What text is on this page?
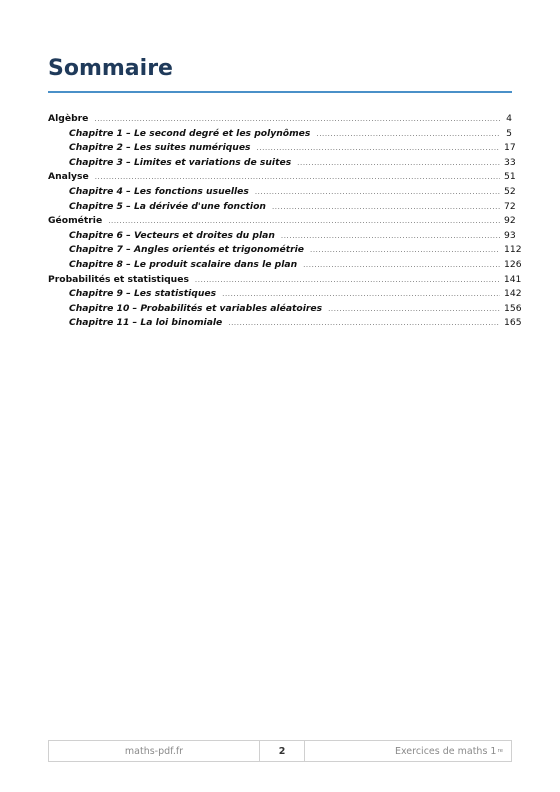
Sommaire
Algèbre .....	4
Chapitre 1 – Le second degré et les polynômes .....	5
Chapitre 2 – Les suites numériques .....	17
Chapitre 3 – Limites et variations de suites .....	33
Analyse .....	51
Chapitre 4 – Les fonctions usuelles .....	52
Chapitre 5 – La dérivée d'une fonction .....	72
Géométrie .....	92
Chapitre 6 – Vecteurs et droites du plan .....	93
Chapitre 7 – Angles orientés et trigonométrie .....	112
Chapitre 8 – Le produit scalaire dans le plan .....	126
Probabilités et statistiques .....	141
Chapitre 9 – Les statistiques .....	142
Chapitre 10 – Probabilités et variables aléatoires .....	156
Chapitre 11 – La loi binomiale .....	165
maths-pdf.fr	2	Exercices de maths 1 re
